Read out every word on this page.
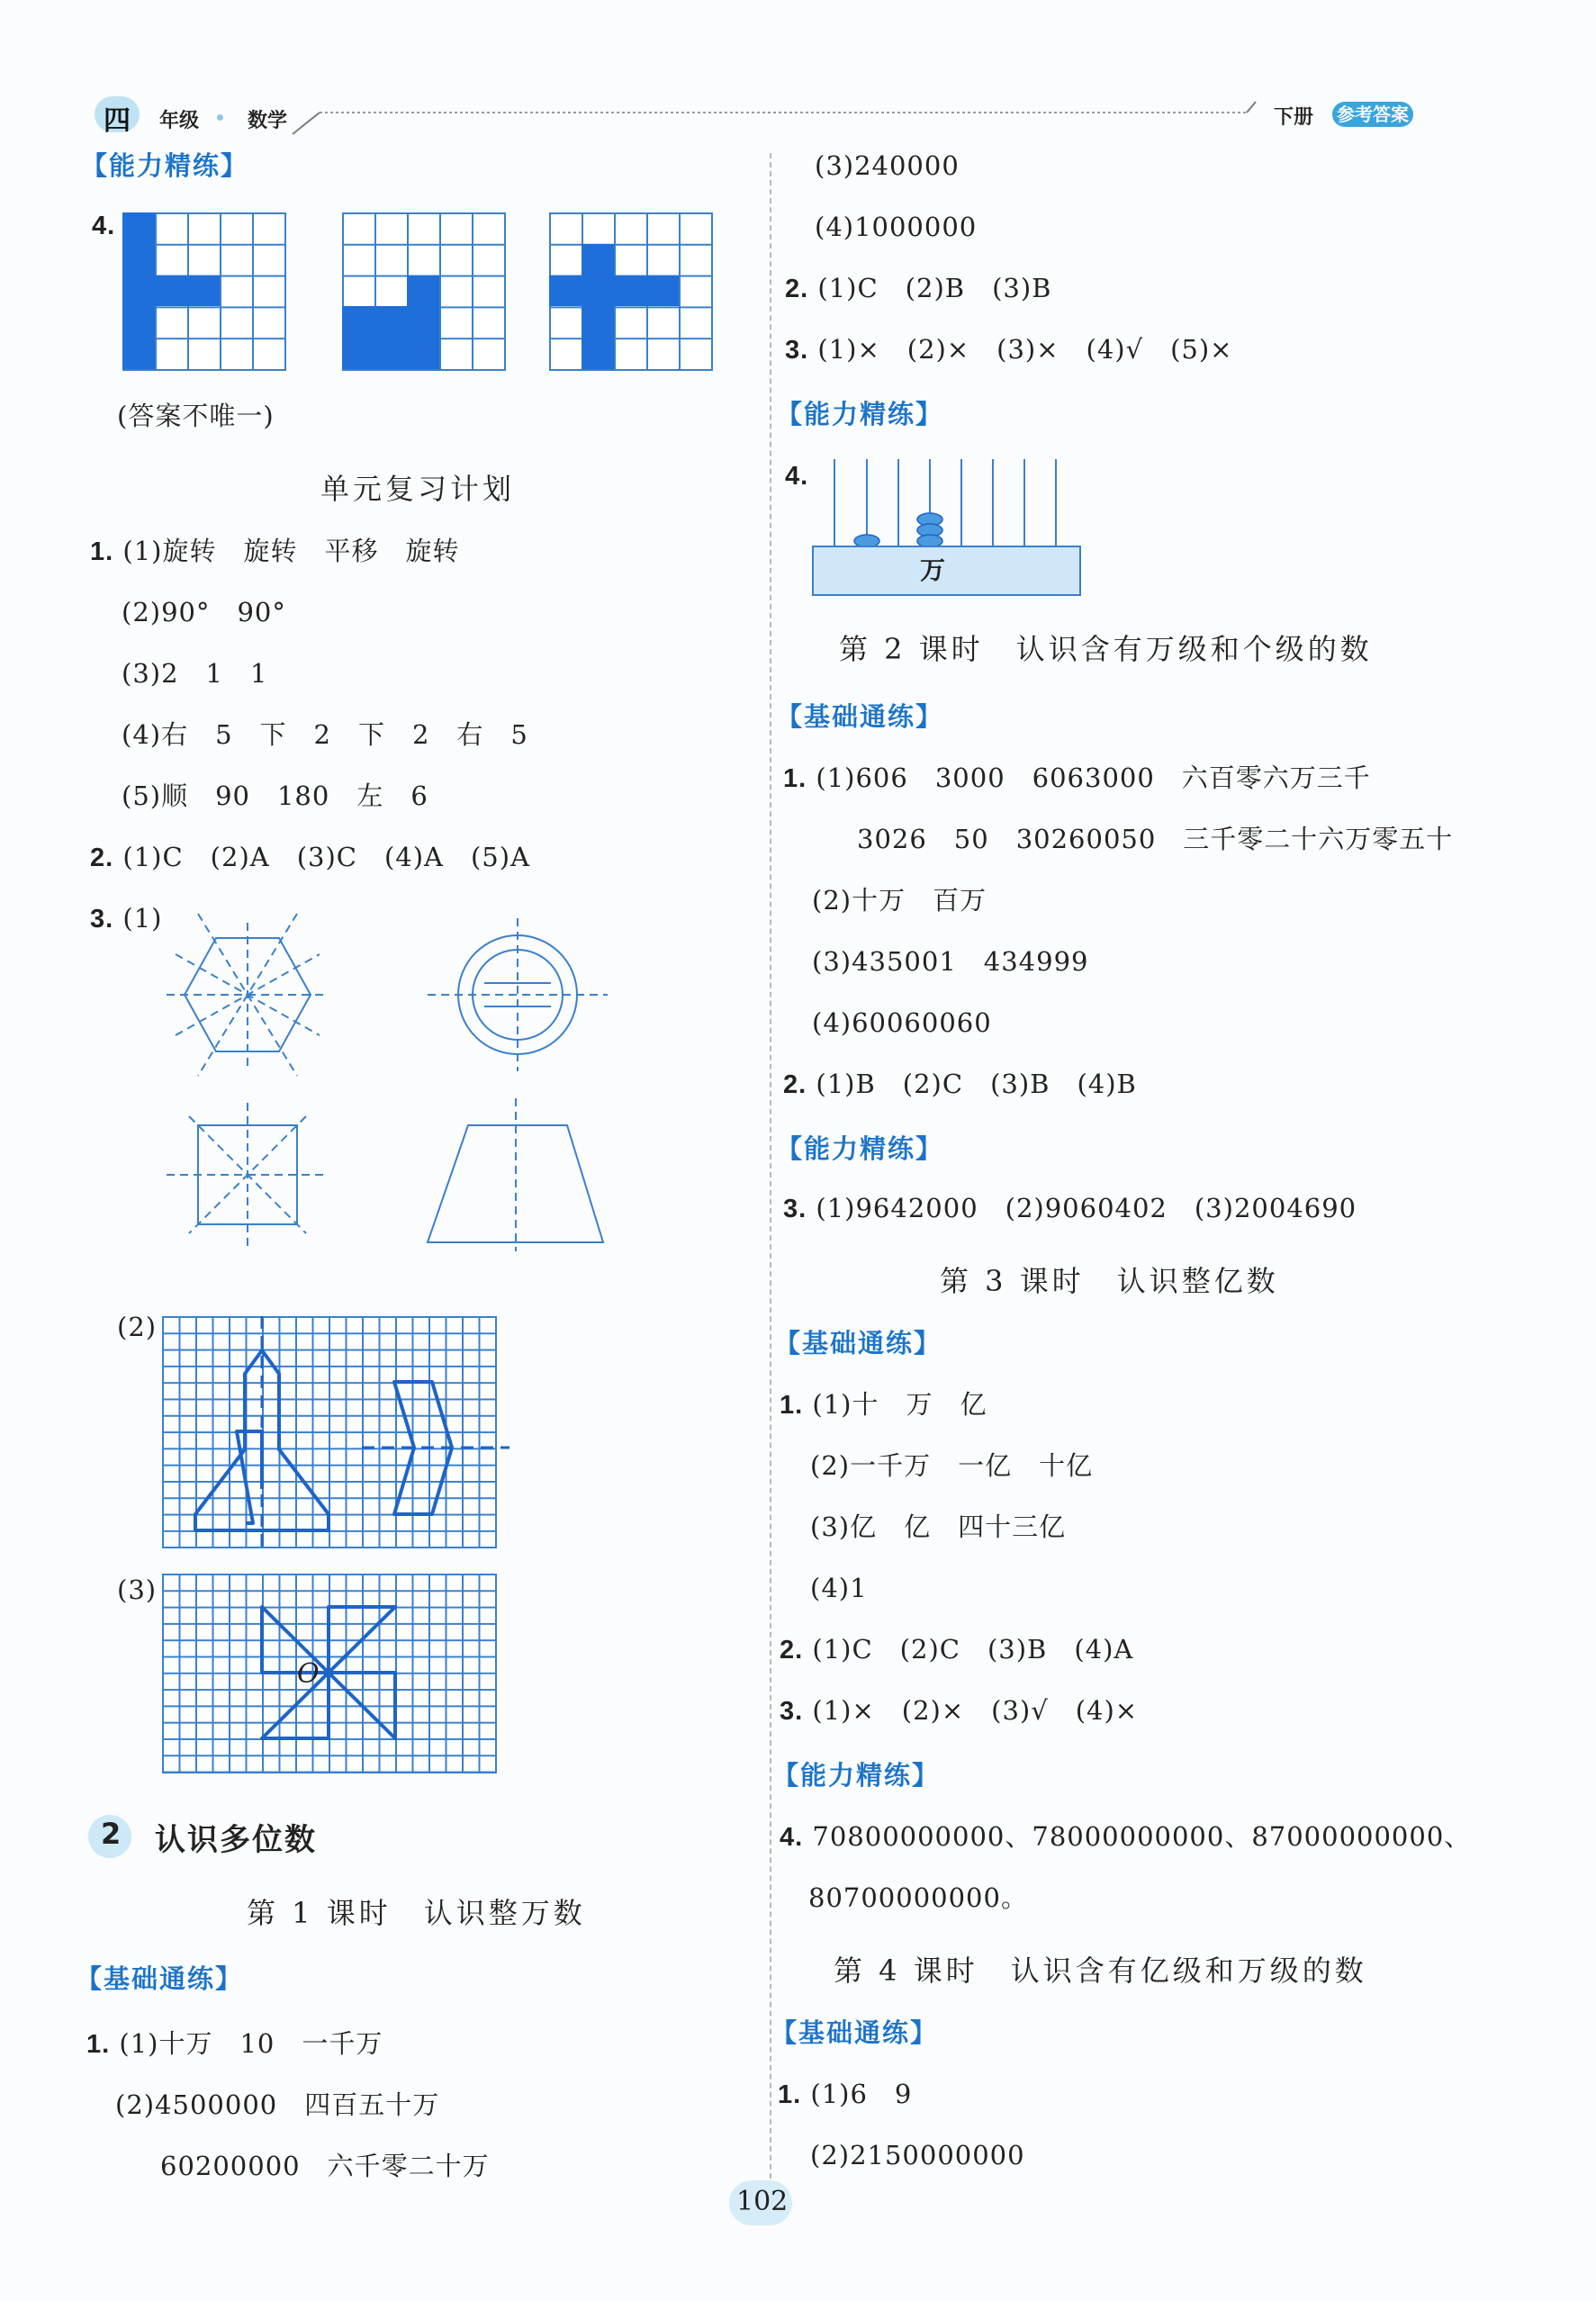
四 年级 数学	下册 参考答案
【能力精练】
4.
(答案不唯一)
单元复习计划
1. (1)旋转　旋转　平移　旋转
(2)90°　90°
(3)2　1　1
(4)右　5　下　2　下　2　右　5
(5)顺　90　180　左　6
2. (1)C　(2)A　(3)C　(4)A　(5)A
3. (1)
(2)
(3)
O
2 认识多位数
第 1 课时　认识整万数
【基础通练】
1. (1)十万　10　一千万
(2)4500000　四百五十万
60200000　六千零二十万
(3)240000
(4)1000000
2. (1)C　(2)B　(3)B
3. (1)×　(2)×　(3)×　(4)√　(5)×
【能力精练】
4.
万
第 2 课时　认识含有万级和个级的数
【基础通练】
1. (1)606　3000　6063000　六百零六万三千
3026　50　30260050　三千零二十六万零五十
(2)十万　百万
(3)435001　434999
(4)60060060
2. (1)B　(2)C　(3)B　(4)B
【能力精练】
3. (1)9642000　(2)9060402　(3)2004690
第 3 课时　认识整亿数
【基础通练】
1. (1)十　万　亿
(2)一千万　一亿　十亿
(3)亿　亿　四十三亿
(4)1
2. (1)C　(2)C　(3)B　(4)A
3. (1)×　(2)×　(3)√　(4)×
【能力精练】
4. 70800000000、78000000000、87000000000、
80700000000。
第 4 课时　认识含有亿级和万级的数
【基础通练】
1. (1)6　9
(2)2150000000
102
